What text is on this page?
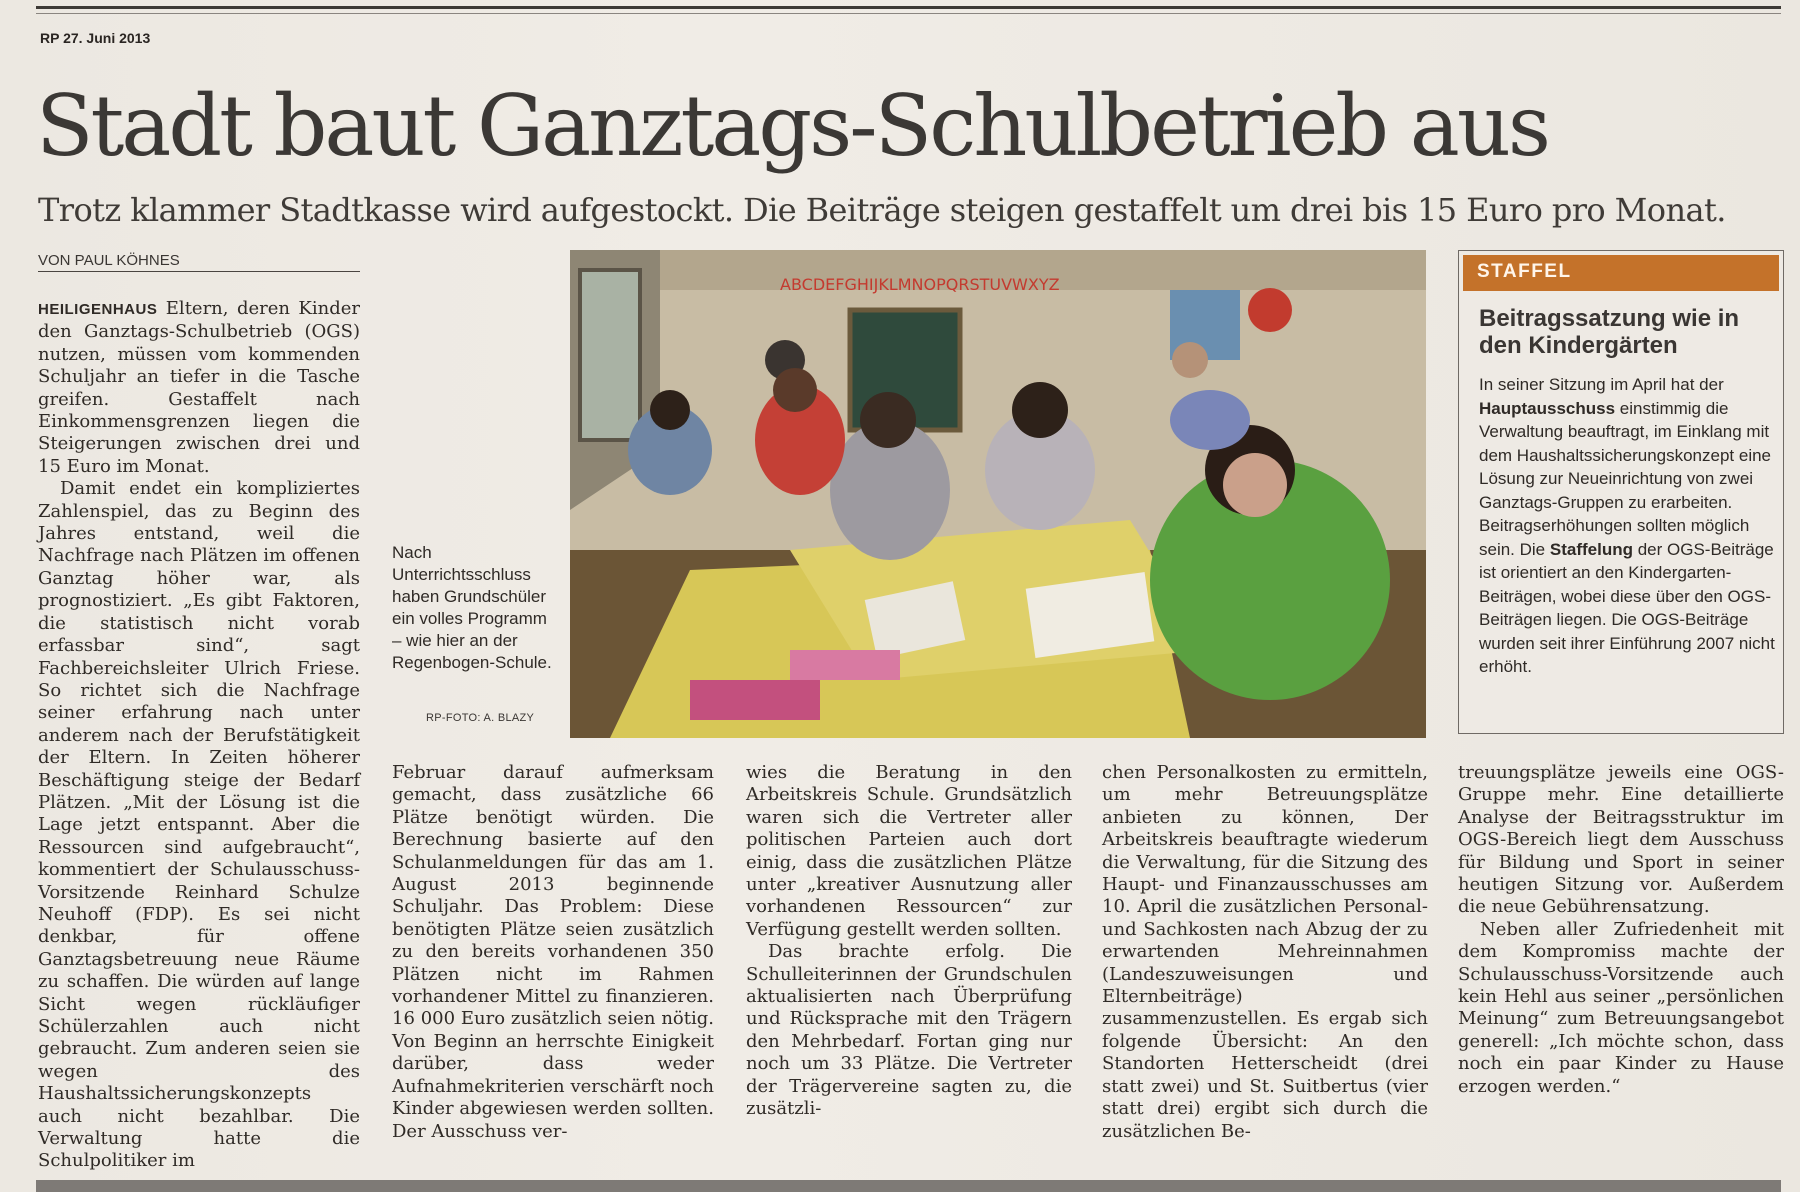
RP 27. Juni 2013
Stadt baut Ganztags-Schulbetrieb aus
Trotz klammer Stadtkasse wird aufgestockt. Die Beiträge steigen gestaffelt um drei bis 15 Euro pro Monat.
VON PAUL KÖHNES

HEILIGENHAUS Eltern, deren Kinder den Ganztags-Schulbetrieb (OGS) nutzen, müssen vom kommenden Schuljahr an tiefer in die Tasche greifen. Gestaffelt nach Einkommensgrenzen liegen die Steigerungen zwischen drei und 15 Euro im Monat.

Damit endet ein kompliziertes Zahlenspiel, das zu Beginn des Jahres entstand, weil die Nachfrage nach Plätzen im offenen Ganztag höher war, als prognostiziert. „Es gibt Faktoren, die statistisch nicht vorab erfassbar sind“, sagt Fachbereichsleiter Ulrich Friese. So richtet sich die Nachfrage seiner erfahrung nach unter anderem nach der Berufstätigkeit der Eltern. In Zeiten höherer Beschäftigung steige der Bedarf Plätzen. „Mit der Lösung ist die Lage jetzt entspannt. Aber die Ressourcen sind aufgebraucht“, kommentiert der Schulausschuss-Vorsitzende Reinhard Schulze Neuhoff (FDP). Es sei nicht denkbar, für offene Ganztagsbetreuung neue Räume zu schaffen. Die würden auf lange Sicht wegen rückläufiger Schülerzahlen auch nicht gebraucht. Zum anderen seien sie wegen des Haushaltssicherungskonzepts auch nicht bezahlbar. Die Verwaltung hatte die Schulpolitiker im

ABCDEFGHIJKLMNOPQRSTUVWXYZ
Nach Unterrichtsschluss haben Grundschüler ein volles Programm – wie hier an der Regenbogen-Schule.
RP-FOTO: A. BLAZY
STAFFEL
Beitragssatzung wie in den Kindergärten
In seiner Sitzung im April hat der Hauptausschuss einstimmig die Verwaltung beauftragt, im Einklang mit dem Haushaltssicherungskonzept eine Lösung zur Neueinrichtung von zwei Ganztags-Gruppen zu erarbeiten. Beitragserhöhungen sollten möglich sein. Die Staffelung der OGS-Beiträge ist orientiert an den Kindergarten-Beiträgen, wobei diese über den OGS-Beiträgen liegen. Die OGS-Beiträge wurden seit ihrer Einführung 2007 nicht erhöht.

Februar darauf aufmerksam gemacht, dass zusätzliche 66 Plätze benötigt würden. Die Berechnung basierte auf den Schulanmeldungen für das am 1. August 2013 beginnende Schuljahr. Das Problem: Diese benötigten Plätze seien zusätzlich zu den bereits vorhandenen 350 Plätzen nicht im Rahmen vorhandener Mittel zu finanzieren. 16 000 Euro zusätzlich seien nötig. Von Beginn an herrschte Einigkeit darüber, dass weder Aufnahmekriterien verschärft noch Kinder abgewiesen werden sollten. Der Ausschuss ver-

wies die Beratung in den Arbeitskreis Schule. Grundsätzlich waren sich die Vertreter aller politischen Parteien auch dort einig, dass die zusätzlichen Plätze unter „kreativer Ausnutzung aller vorhandenen Ressourcen“ zur Verfügung gestellt werden sollten.

Das brachte erfolg. Die Schulleiterinnen der Grundschulen aktualisierten nach Überprüfung und Rücksprache mit den Trägern den Mehrbedarf. Fortan ging nur noch um 33 Plätze. Die Vertreter der Trägervereine sagten zu, die zusätzli-

chen Personalkosten zu ermitteln, um mehr Betreuungsplätze anbieten zu können, Der Arbeitskreis beauftragte wiederum die Verwaltung, für die Sitzung des Haupt- und Finanzausschusses am 10. April die zusätzlichen Personal- und Sachkosten nach Abzug der zu erwartenden Mehreinnahmen (Landeszuweisungen und Elternbeiträge) zusammenzustellen. Es ergab sich folgende Übersicht: An den Standorten Hetterscheidt (drei statt zwei) und St. Suitbertus (vier statt drei) ergibt sich durch die zusätzlichen Be-

treuungsplätze jeweils eine OGS-Gruppe mehr. Eine detaillierte Analyse der Beitragsstruktur im OGS-Bereich liegt dem Ausschuss für Bildung und Sport in seiner heutigen Sitzung vor. Außerdem die neue Gebührensatzung.

Neben aller Zufriedenheit mit dem Kompromiss machte der Schulausschuss-Vorsitzende auch kein Hehl aus seiner „persönlichen Meinung“ zum Betreuungsangebot generell: „Ich möchte schon, dass noch ein paar Kinder zu Hause erzogen werden.“
